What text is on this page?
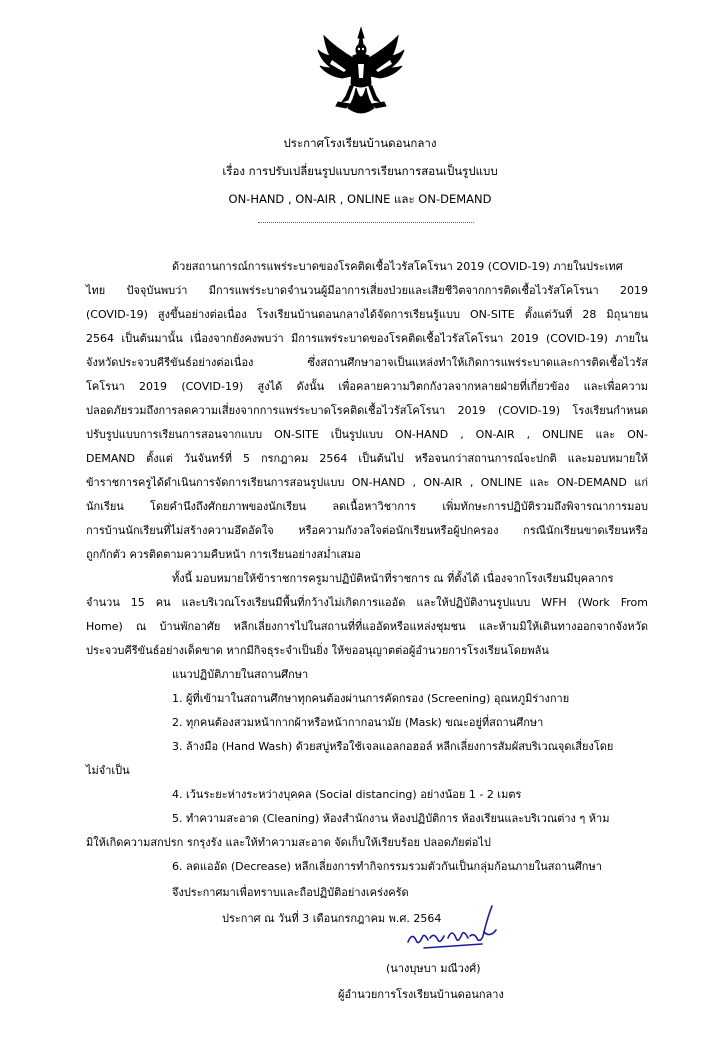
ประกาศโรงเรียนบ้านดอนกลาง
เรื่อง การปรับเปลี่ยนรูปแบบการเรียนการสอนเป็นรูปแบบ
ON-HAND , ON-AIR , ONLINE และ ON-DEMAND
ด้วยสถานการณ์การแพร่ระบาดของโรคติดเชื้อไวรัสโคโรนา 2019 (COVID-19) ภายในประเทศ
ไทย ปัจจุบันพบว่า มีการแพร่ระบาดจำนวนผู้มีอาการเสี่ยงป่วยและเสียชีวิตจากการติดเชื้อไวรัสโคโรนา 2019
(COVID-19) สูงขึ้นอย่างต่อเนื่อง โรงเรียนบ้านดอนกลางได้จัดการเรียนรู้แบบ ON-SITE ตั้งแต่วันที่ 28 มิถุนายน
2564 เป็นต้นมานั้น เนื่องจากยังคงพบว่า มีการแพร่ระบาดของโรคติดเชื้อไวรัสโคโรนา 2019 (COVID-19) ภายใน
จังหวัดประจวบคีรีขันธ์อย่างต่อเนื่อง ซึ่งสถานศึกษาอาจเป็นแหล่งทำให้เกิดการแพร่ระบาดและการติดเชื้อไวรัส
โคโรนา 2019 (COVID-19) สูงได้ ดังนั้น เพื่อคลายความวิตกกังวลจากหลายฝ่ายที่เกี่ยวข้อง และเพื่อความ
ปลอดภัยรวมถึงการลดความเสี่ยงจากการแพร่ระบาดโรคติดเชื้อไวรัสโคโรนา 2019 (COVID-19) โรงเรียนกำหนด
ปรับรูปแบบการเรียนการสอนจากแบบ ON-SITE เป็นรูปแบบ ON-HAND , ON-AIR , ONLINE และ ON-
DEMAND ตั้งแต่ วันจันทร์ที่ 5 กรกฎาคม 2564 เป็นต้นไป หรือจนกว่าสถานการณ์จะปกติ และมอบหมายให้
ข้าราชการครูได้ดำเนินการจัดการเรียนการสอนรูปแบบ ON-HAND , ON-AIR , ONLINE และ ON-DEMAND แก่
นักเรียน โดยคำนึงถึงศักยภาพของนักเรียน ลดเนื้อหาวิชาการ เพิ่มทักษะการปฏิบัติรวมถึงพิจารณาการมอบ
การบ้านนักเรียนที่ไม่สร้างความอึดอัดใจ หรือความกังวลใจต่อนักเรียนหรือผู้ปกครอง กรณีนักเรียนขาดเรียนหรือ
ถูกกักตัว ควรติดตามความคืบหน้า การเรียนอย่างสม่ำเสมอ
ทั้งนี้ มอบหมายให้ข้าราชการครูมาปฏิบัติหน้าที่ราชการ ณ ที่ตั้งได้ เนื่องจากโรงเรียนมีบุคลากร
จำนวน 15 คน และบริเวณโรงเรียนมีพื้นที่กว้างไม่เกิดการแออัด และให้ปฏิบัติงานรูปแบบ WFH (Work From
Home) ณ บ้านพักอาศัย หลีกเลี่ยงการไปในสถานที่ที่แออัดหรือแหล่งชุมชน และห้ามมิให้เดินทางออกจากจังหวัด
ประจวบคีรีขันธ์อย่างเด็ดขาด หากมีกิจธุระจำเป็นยิ่ง ให้ขออนุญาตต่อผู้อำนวยการโรงเรียนโดยพลัน
แนวปฏิบัติภายในสถานศึกษา
1. ผู้ที่เข้ามาในสถานศึกษาทุกคนต้องผ่านการคัดกรอง (Screening) อุณหภูมิร่างกาย
2. ทุกคนต้องสวมหน้ากากผ้าหรือหน้ากากอนามัย (Mask) ขณะอยู่ที่สถานศึกษา
3. ล้างมือ (Hand Wash) ด้วยสบู่หรือใช้เจลแอลกอฮอล์ หลีกเลี่ยงการสัมผัสบริเวณจุดเสี่ยงโดย
ไม่จำเป็น
4. เว้นระยะห่างระหว่างบุคคล (Social distancing) อย่างน้อย 1 - 2 เมตร
5. ทำความสะอาด (Cleaning) ห้องสำนักงาน ห้องปฏิบัติการ ห้องเรียนและบริเวณต่าง ๆ ห้าม
มิให้เกิดความสกปรก รกรุงรัง และให้ทำความสะอาด จัดเก็บให้เรียบร้อย ปลอดภัยต่อไป
6. ลดแออัด (Decrease) หลีกเลี่ยงการทำกิจกรรมรวมตัวกันเป็นกลุ่มก้อนภายในสถานศึกษา
จึงประกาศมาเพื่อทราบและถือปฏิบัติอย่างเคร่งครัด
ประกาศ ณ วันที่ 3 เดือนกรกฎาคม พ.ศ. 2564
(นางบุษบา มณีวงศ์)
ผู้อำนวยการโรงเรียนบ้านดอนกลาง
